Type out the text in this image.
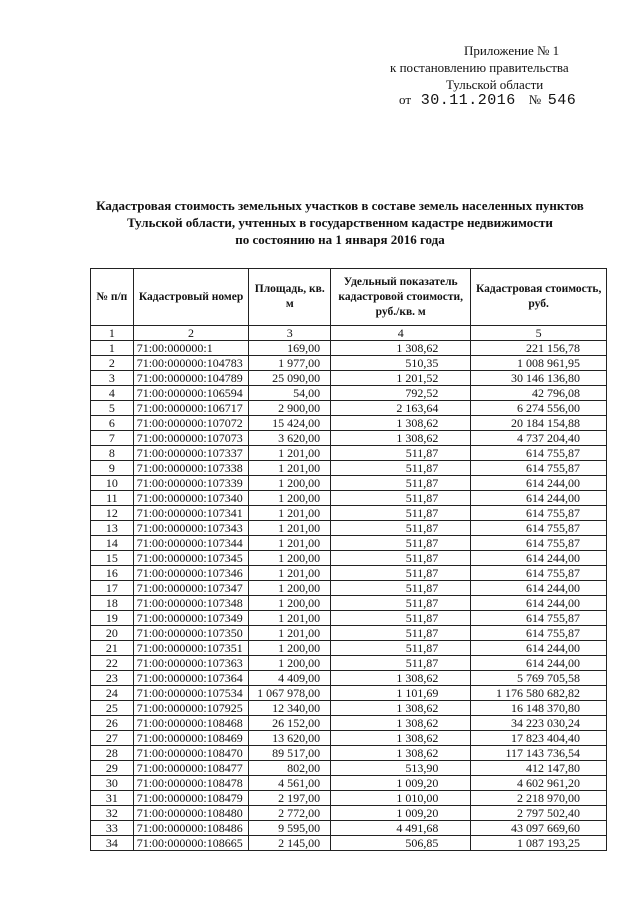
Приложение № 1
к постановлению правительства
Тульской области
от 30.11.2016 № 546
Кадастровая стоимость земельных участков в составе земель населенных пунктов
Тульской области, учтенных в государственном кадастре недвижимости
по состоянию на 1 января 2016 года
№ п/п	Кадастровый номер	Площадь, кв. м	Удельный показатель кадастровой стоимости, руб./кв. м	Кадастровая стоимость, руб.
1	2	3	4	5
1	71:00:000000:1	169,00	1 308,62	221 156,78
2	71:00:000000:104783	1 977,00	510,35	1 008 961,95
3	71:00:000000:104789	25 090,00	1 201,52	30 146 136,80
4	71:00:000000:106594	54,00	792,52	42 796,08
5	71:00:000000:106717	2 900,00	2 163,64	6 274 556,00
6	71:00:000000:107072	15 424,00	1 308,62	20 184 154,88
7	71:00:000000:107073	3 620,00	1 308,62	4 737 204,40
8	71:00:000000:107337	1 201,00	511,87	614 755,87
9	71:00:000000:107338	1 201,00	511,87	614 755,87
10	71:00:000000:107339	1 200,00	511,87	614 244,00
11	71:00:000000:107340	1 200,00	511,87	614 244,00
12	71:00:000000:107341	1 201,00	511,87	614 755,87
13	71:00:000000:107343	1 201,00	511,87	614 755,87
14	71:00:000000:107344	1 201,00	511,87	614 755,87
15	71:00:000000:107345	1 200,00	511,87	614 244,00
16	71:00:000000:107346	1 201,00	511,87	614 755,87
17	71:00:000000:107347	1 200,00	511,87	614 244,00
18	71:00:000000:107348	1 200,00	511,87	614 244,00
19	71:00:000000:107349	1 201,00	511,87	614 755,87
20	71:00:000000:107350	1 201,00	511,87	614 755,87
21	71:00:000000:107351	1 200,00	511,87	614 244,00
22	71:00:000000:107363	1 200,00	511,87	614 244,00
23	71:00:000000:107364	4 409,00	1 308,62	5 769 705,58
24	71:00:000000:107534	1 067 978,00	1 101,69	1 176 580 682,82
25	71:00:000000:107925	12 340,00	1 308,62	16 148 370,80
26	71:00:000000:108468	26 152,00	1 308,62	34 223 030,24
27	71:00:000000:108469	13 620,00	1 308,62	17 823 404,40
28	71:00:000000:108470	89 517,00	1 308,62	117 143 736,54
29	71:00:000000:108477	802,00	513,90	412 147,80
30	71:00:000000:108478	4 561,00	1 009,20	4 602 961,20
31	71:00:000000:108479	2 197,00	1 010,00	2 218 970,00
32	71:00:000000:108480	2 772,00	1 009,20	2 797 502,40
33	71:00:000000:108486	9 595,00	4 491,68	43 097 669,60
34	71:00:000000:108665	2 145,00	506,85	1 087 193,25
